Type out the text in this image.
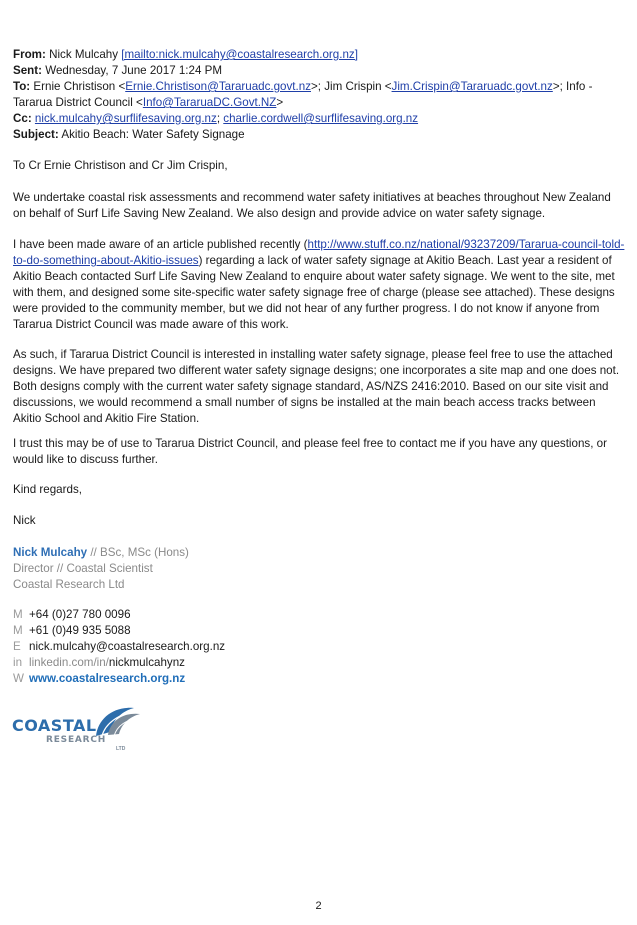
From: Nick Mulcahy [mailto:nick.mulcahy@coastalresearch.org.nz]
Sent: Wednesday, 7 June 2017 1:24 PM
To: Ernie Christison <Ernie.Christison@Tararuadc.govt.nz>; Jim Crispin <Jim.Crispin@Tararuadc.govt.nz>; Info -
Tararua District Council <Info@TararuaDC.Govt.NZ>
Cc: nick.mulcahy@surflifesaving.org.nz; charlie.cordwell@surflifesaving.org.nz
Subject: Akitio Beach: Water Safety Signage
To Cr Ernie Christison and Cr Jim Crispin,
We undertake coastal risk assessments and recommend water safety initiatives at beaches throughout New Zealand on behalf of Surf Life Saving New Zealand. We also design and provide advice on water safety signage.
I have been made aware of an article published recently (http://www.stuff.co.nz/national/93237209/Tararua-council-told-to-do-something-about-Akitio-issues) regarding a lack of water safety signage at Akitio Beach. Last year a resident of Akitio Beach contacted Surf Life Saving New Zealand to enquire about water safety signage. We went to the site, met with them, and designed some site-specific water safety signage free of charge (please see attached). These designs were provided to the community member, but we did not hear of any further progress. I do not know if anyone from Tararua District Council was made aware of this work.
As such, if Tararua District Council is interested in installing water safety signage, please feel free to use the attached designs. We have prepared two different water safety signage designs; one incorporates a site map and one does not. Both designs comply with the current water safety signage standard, AS/NZS 2416:2010. Based on our site visit and discussions, we would recommend a small number of signs be installed at the main beach access tracks between Akitio School and Akitio Fire Station.
I trust this may be of use to Tararua District Council, and please feel free to contact me if you have any questions, or would like to discuss further.
Kind regards,
Nick
Nick Mulcahy // BSc, MSc (Hons)
Director // Coastal Scientist
Coastal Research Ltd
M +64 (0)27 780 0096
M +61 (0)49 935 5088
E nick.mulcahy@coastalresearch.org.nz
in linkedin.com/in/nickmulcahynz
W www.coastalresearch.org.nz
COASTAL
RESEARCH
LTD
2
